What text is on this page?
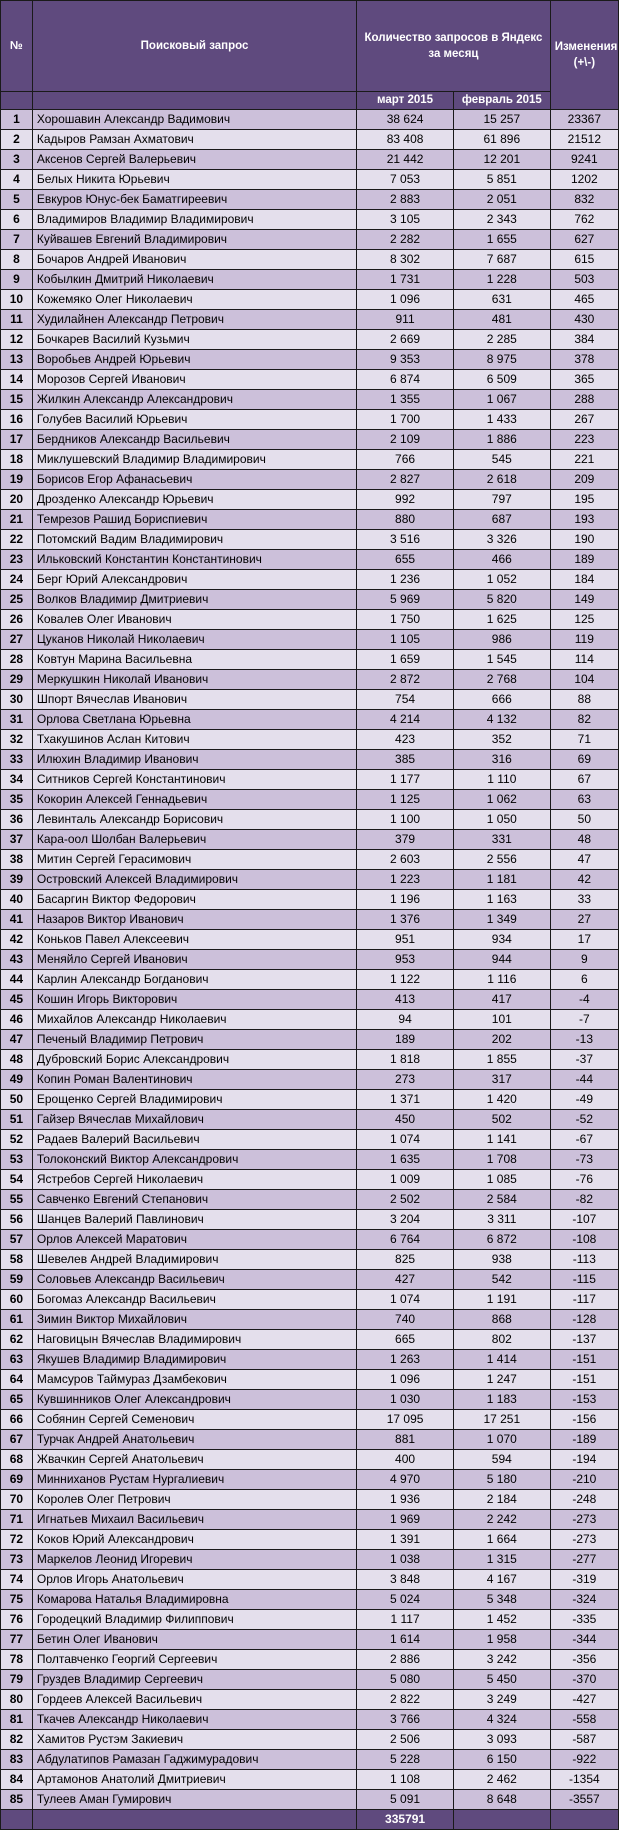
№	Поисковый запрос	Количество запросов в Яндекс за месяц		Изменения (+\-)
		март 2015	февраль 2015	
1	Хорошавин Александр Вадимович	38 624	15 257	23367
2	Кадыров Рамзан Ахматович	83 408	61 896	21512
3	Аксенов Сергей Валерьевич	21 442	12 201	9241
4	Белых Никита Юрьевич	7 053	5 851	1202
5	Евкуров Юнус-бек Баматгиреевич	2 883	2 051	832
6	Владимиров Владимир Владимирович	3 105	2 343	762
7	Куйвашев Евгений Владимирович	2 282	1 655	627
8	Бочаров Андрей Иванович	8 302	7 687	615
9	Кобылкин Дмитрий Николаевич	1 731	1 228	503
10	Кожемяко Олег Николаевич	1 096	631	465
11	Худилайнен Александр Петрович	911	481	430
12	Бочкарев Василий Кузьмич	2 669	2 285	384
13	Воробьев Андрей Юрьевич	9 353	8 975	378
14	Морозов Сергей Иванович	6 874	6 509	365
15	Жилкин Александр Александрович	1 355	1 067	288
16	Голубев Василий Юрьевич	1 700	1 433	267
17	Бердников Александр Васильевич	2 109	1 886	223
18	Миклушевский Владимир Владимирович	766	545	221
19	Борисов Егор Афанасьевич	2 827	2 618	209
20	Дрозденко Александр Юрьевич	992	797	195
21	Темрезов Рашид Бориспиевич	880	687	193
22	Потомский Вадим Владимирович	3 516	3 326	190
23	Ильковский Константин Константинович	655	466	189
24	Берг Юрий Александрович	1 236	1 052	184
25	Волков Владимир Дмитриевич	5 969	5 820	149
26	Ковалев Олег Иванович	1 750	1 625	125
27	Цуканов Николай Николаевич	1 105	986	119
28	Ковтун Марина Васильевна	1 659	1 545	114
29	Меркушкин Николай Иванович	2 872	2 768	104
30	Шпорт Вячеслав Иванович	754	666	88
31	Орлова Светлана Юрьевна	4 214	4 132	82
32	Тхакушинов Аслан Китович	423	352	71
33	Илюхин Владимир Иванович	385	316	69
34	Ситников Сергей Константинович	1 177	1 110	67
35	Кокорин Алексей Геннадьевич	1 125	1 062	63
36	Левинталь Александр Борисович	1 100	1 050	50
37	Кара-оол Шолбан Валерьевич	379	331	48
38	Митин Сергей Герасимович	2 603	2 556	47
39	Островский Алексей Владимирович	1 223	1 181	42
40	Басаргин Виктор Федорович	1 196	1 163	33
41	Назаров Виктор Иванович	1 376	1 349	27
42	Коньков Павел Алексеевич	951	934	17
43	Меняйло Сергей Иванович	953	944	9
44	Карлин Александр Богданович	1 122	1 116	6
45	Кошин Игорь Викторович	413	417	-4
46	Михайлов Александр Николаевич	94	101	-7
47	Печеный Владимир Петрович	189	202	-13
48	Дубровский Борис Александрович	1 818	1 855	-37
49	Копин Роман Валентинович	273	317	-44
50	Ерощенко Сергей Владимирович	1 371	1 420	-49
51	Гайзер Вячеслав Михайлович	450	502	-52
52	Радаев Валерий Васильевич	1 074	1 141	-67
53	Толоконский Виктор Александрович	1 635	1 708	-73
54	Ястребов Сергей Николаевич	1 009	1 085	-76
55	Савченко Евгений Степанович	2 502	2 584	-82
56	Шанцев Валерий Павлинович	3 204	3 311	-107
57	Орлов Алексей Маратович	6 764	6 872	-108
58	Шевелев Андрей Владимирович	825	938	-113
59	Соловьев Александр Васильевич	427	542	-115
60	Богомаз Александр Васильевич	1 074	1 191	-117
61	Зимин Виктор Михайлович	740	868	-128
62	Наговицын Вячеслав Владимирович	665	802	-137
63	Якушев Владимир Владимирович	1 263	1 414	-151
64	Мамсуров Таймураз Дзамбекович	1 096	1 247	-151
65	Кувшинников Олег Александрович	1 030	1 183	-153
66	Собянин Сергей Семенович	17 095	17 251	-156
67	Турчак Андрей Анатольевич	881	1 070	-189
68	Жвачкин Сергей Анатольевич	400	594	-194
69	Минниханов Рустам Нургалиевич	4 970	5 180	-210
70	Королев Олег Петрович	1 936	2 184	-248
71	Игнатьев Михаил Васильевич	1 969	2 242	-273
72	Коков Юрий Александрович	1 391	1 664	-273
73	Маркелов Леонид Игоревич	1 038	1 315	-277
74	Орлов Игорь Анатольевич	3 848	4 167	-319
75	Комарова Наталья Владимировна	5 024	5 348	-324
76	Городецкий Владимир Филиппович	1 117	1 452	-335
77	Бетин Олег Иванович	1 614	1 958	-344
78	Полтавченко Георгий Сергеевич	2 886	3 242	-356
79	Груздев Владимир Сергеевич	5 080	5 450	-370
80	Гордеев Алексей Васильевич	2 822	3 249	-427
81	Ткачев Александр Николаевич	3 766	4 324	-558
82	Хамитов Рустэм Закиевич	2 506	3 093	-587
83	Абдулатипов Рамазан Гаджимурадович	5 228	6 150	-922
84	Артамонов Анатолий Дмитриевич	1 108	2 462	-1354
85	Тулеев Аман Гумирович	5 091	8 648	-3557
		335791		
